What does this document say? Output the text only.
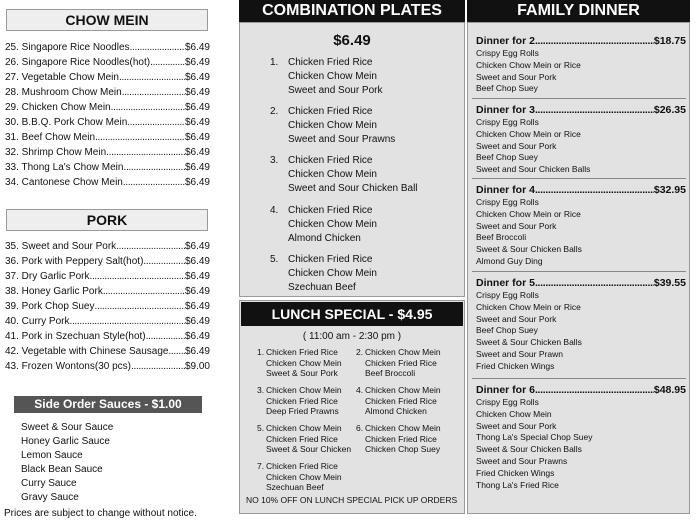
CHOW MEIN
25. Singapore Rice Noodles .....	$6.49
26. Singapore Rice Noodles(hot) .....	$6.49
27. Vegetable Chow Mein .....	$6.49
28. Mushroom Chow Mein .....	$6.49
29. Chicken Chow Mein .....	$6.49
30. B.B.Q. Pork Chow Mein .....	$6.49
31. Beef Chow Mein .....	$6.49
32. Shrimp Chow Mein .....	$6.49
33. Thong La's Chow Mein .....	$6.49
34. Cantonese Chow Mein .....	$6.49
PORK
35. Sweet and Sour Pork .....	$6.49
36. Pork with Peppery Salt(hot) .....	$6.49
37. Dry Garlic Pork .....	$6.49
38. Honey Garlic Pork .....	$6.49
39. Pork Chop Suey .....	$6.49
40. Curry Pork .....	$6.49
41. Pork in Szechuan Style(hot) .....	$6.49
42. Vegetable with Chinese Sausage ..... $6.49
43. Frozen Wontons(30 pcs) .....	$9.00
Side Order Sauces - $1.00
Sweet & Sour Sauce
Honey Garlic Sauce
Lemon Sauce
Black Bean Sauce
Curry Sauce
Gravy Sauce
Prices are subject to change without notice.
COMBINATION PLATES
$6.49
1. Chicken Fried Rice
Chicken Chow Mein
Sweet and Sour Pork
2. Chicken Fried Rice
Chicken Chow Mein
Sweet and Sour Prawns
3. Chicken Fried Rice
Chicken Chow Mein
Sweet and Sour Chicken Ball
4. Chicken Fried Rice
Chicken Chow Mein
Almond Chicken
5. Chicken Fried Rice
Chicken Chow Mein
Szechuan Beef
LUNCH SPECIAL - $4.95
( 11:00 am - 2:30 pm )
1. Chicken Fried Rice
Chicken Chow Mein
Sweet & Sour Pork
2. Chicken Chow Mein
Chicken Fried Rice
Beef Broccoli
3. Chicken Chow Mein
Chicken Fried Rice
Deep Fried Prawns
4. Chicken Chow Mein
Chicken Fried Rice
Almond Chicken
5. Chicken Chow Mein
Chicken Fried Rice
Sweet & Sour Chicken
6. Chicken Chow Mein
Chicken Fried Rice
Chicken Chop Suey
7. Chicken Fried Rice
Chicken Chow Mein
Szechuan Beef
NO 10% OFF ON LUNCH SPECIAL PICK UP ORDERS
FAMILY DINNER
Dinner for 2 .....	$18.75
Crispy Egg Rolls
Chicken Chow Mein or Rice
Sweet and Sour Pork
Beef Chop Suey
Dinner for 3 .....	$26.35
Crispy Egg Rolls
Chicken Chow Mein or Rice
Sweet and Sour Pork
Beef Chop Suey
Sweet and Sour Chicken Balls
Dinner for 4 .....	$32.95
Crispy Egg Rolls
Chicken Chow Mein or Rice
Sweet and Sour Pork
Beef Broccoli
Sweet & Sour Chicken Balls
Almond Guy Ding
Dinner for 5 .....	$39.55
Crispy Egg Rolls
Chicken Chow Mein or Rice
Sweet and Sour Pork
Beef Chop Suey
Sweet & Sour Chicken Balls
Sweet and Sour Prawn
Fried Chicken Wings
Dinner for 6 .....	$48.95
Crispy Egg Rolls
Chicken Chow Mein
Sweet and Sour Pork
Thong La's Special Chop Suey
Sweet & Sour Chicken Balls
Sweet and Sour Prawns
Fried Chicken Wings
Thong La's Fried Rice
